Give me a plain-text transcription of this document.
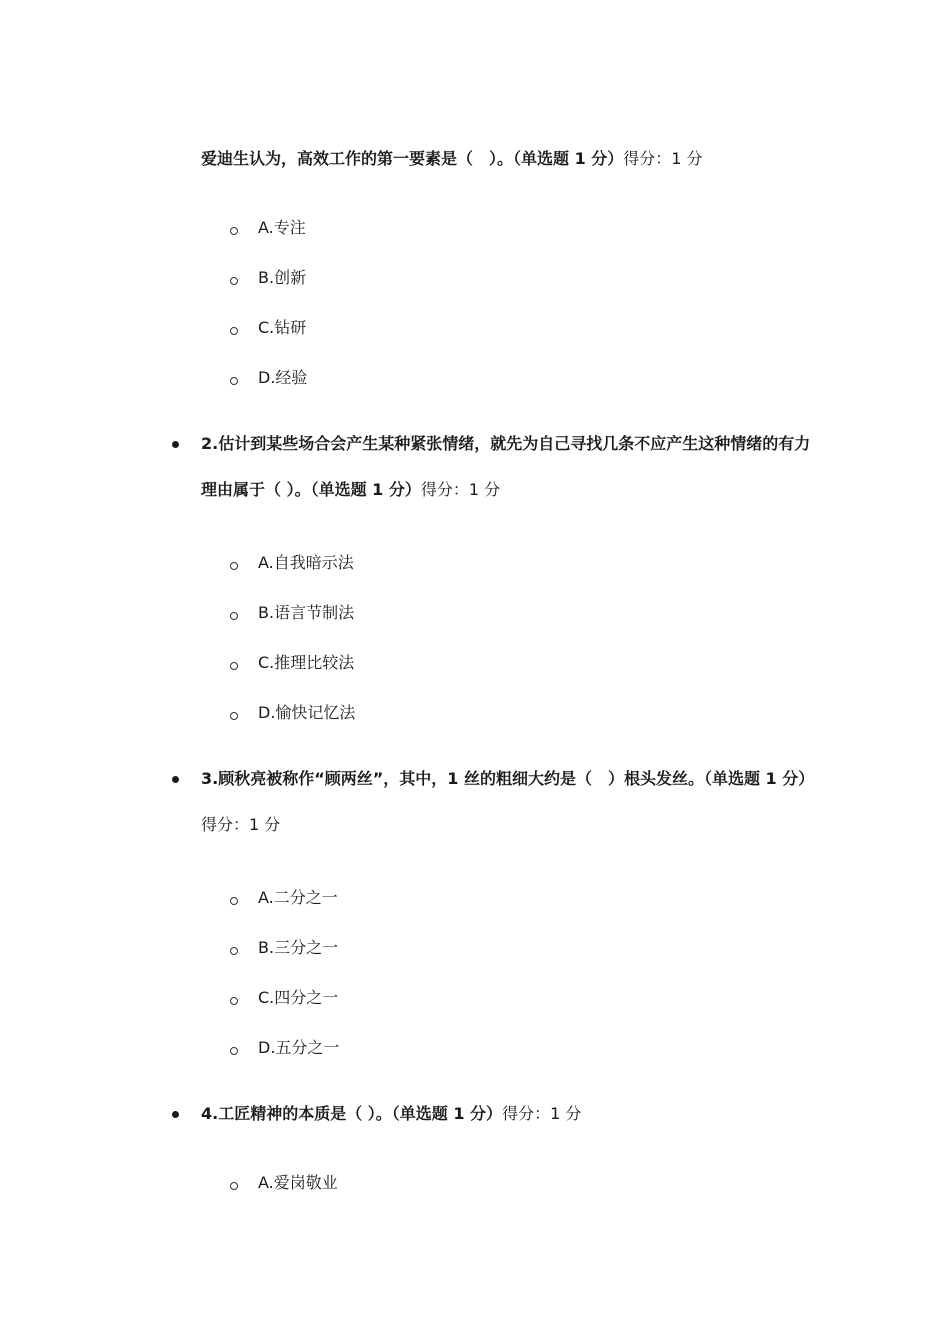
爱迪生认为，高效工作的第一要素是（　）。（单选题 1 分）得分：1 分

A.专注
B.创新
C.钻研
D.经验

2.估计到某些场合会产生某种紧张情绪，就先为自己寻找几条不应产生这种情绪的有力理由属于（ ）。（单选题 1 分）得分：1 分

A.自我暗示法
B.语言节制法
C.推理比较法
D.愉快记忆法

3.顾秋亮被称作“顾两丝”，其中，1 丝的粗细大约是（　）根头发丝。（单选题 1 分）得分：1 分

A.二分之一
B.三分之一
C.四分之一
D.五分之一

4.工匠精神的本质是（ ）。（单选题 1 分）得分：1 分

A.爱岗敬业
